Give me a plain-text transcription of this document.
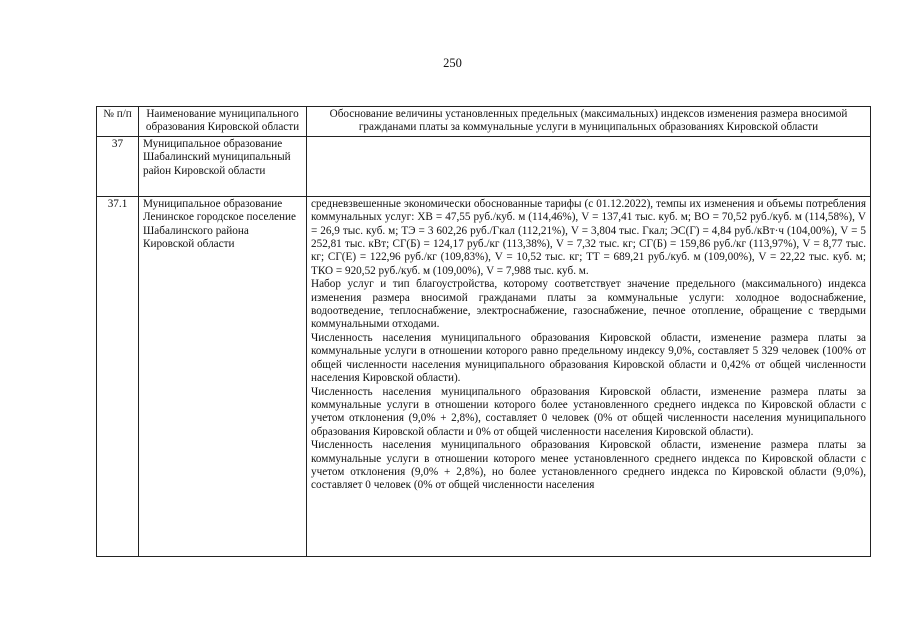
250
№ п/п	Наименование муниципального образования Кировской области	Обоснование величины установленных предельных (максимальных) индексов изменения размера вносимой гражданами платы за коммунальные услуги в муниципальных образованиях Кировской области
37	Муниципальное образование Шабалинский муниципальный район Кировской области	
37.1	Муниципальное образование Ленинское городское поселение Шабалинского района Кировской области	средневзвешенные экономически обоснованные тарифы (с 01.12.2022), темпы их изменения и объемы потребления коммунальных услуг: ХВ = 47,55 руб./куб. м (114,46%), V = 137,41 тыс. куб. м; ВО = 70,52 руб./куб. м (114,58%), V = 26,9 тыс. куб. м; ТЭ = 3 602,26 руб./Гкал (112,21%), V = 3,804 тыс. Гкал; ЭС(Г) = 4,84 руб./кВт·ч (104,00%), V = 5 252,81 тыс. кВт; СГ(Б) = 124,17 руб./кг (113,38%), V = 7,32 тыс. кг; СГ(Б) = 159,86 руб./кг (113,97%), V = 8,77 тыс. кг; СГ(Е) = 122,96 руб./кг (109,83%), V = 10,52 тыс. кг; ТТ = 689,21 руб./куб. м (109,00%), V = 22,22 тыс. куб. м; ТКО = 920,52 руб./куб. м (109,00%), V = 7,988 тыс. куб. м.

Набор услуг и тип благоустройства, которому соответствует значение предельного (максимального) индекса изменения размера вносимой гражданами платы за коммунальные услуги: холодное водоснабжение, водоотведение, теплоснабжение, электроснабжение, газоснабжение, печное отопление, обращение с твердыми коммунальными отходами.

Численность населения муниципального образования Кировской области, изменение размера платы за коммунальные услуги в отношении которого равно предельному индексу 9,0%, составляет 5 329 человек (100% от общей численности населения муниципального образования Кировской области и 0,42% от общей численности населения Кировской области).

Численность населения муниципального образования Кировской области, изменение размера платы за коммунальные услуги в отношении которого более установленного среднего индекса по Кировской области с учетом отклонения (9,0% + 2,8%), составляет 0 человек (0% от общей численности населения муниципального образования Кировской области и 0% от общей численности населения Кировской области).

Численность населения муниципального образования Кировской области, изменение размера платы за коммунальные услуги в отношении которого менее установленного среднего индекса по Кировской области с учетом отклонения (9,0% + 2,8%), но более установленного среднего индекса по Кировской области (9,0%), составляет 0 человек (0% от общей численности населения
